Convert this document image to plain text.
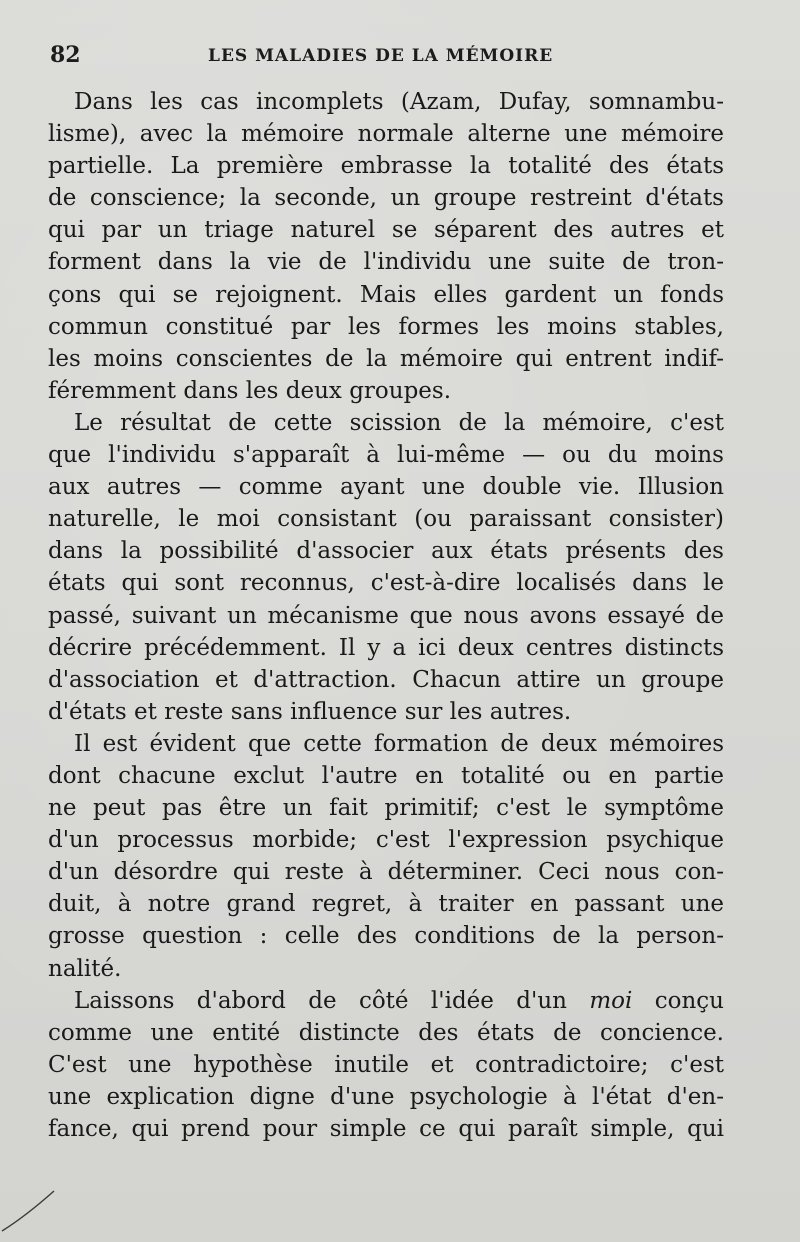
82	LES MALADIES DE LA MÉMOIRE
Dans les cas incomplets (Azam, Dufay, somnambu-
lisme), avec la mémoire normale alterne une mémoire
partielle. La première embrasse la totalité des états
de conscience; la seconde, un groupe restreint d'états
qui par un triage naturel se séparent des autres et
forment dans la vie de l'individu une suite de tron-
çons qui se rejoignent. Mais elles gardent un fonds
commun constitué par les formes les moins stables,
les moins conscientes de la mémoire qui entrent indif-
féremment dans les deux groupes.
Le résultat de cette scission de la mémoire, c'est
que l'individu s'apparaît à lui-même — ou du moins
aux autres — comme ayant une double vie. Illusion
naturelle, le moi consistant (ou paraissant consister)
dans la possibilité d'associer aux états présents des
états qui sont reconnus, c'est-à-dire localisés dans le
passé, suivant un mécanisme que nous avons essayé de
décrire précédemment. Il y a ici deux centres distincts
d'association et d'attraction. Chacun attire un groupe
d'états et reste sans influence sur les autres.
Il est évident que cette formation de deux mémoires
dont chacune exclut l'autre en totalité ou en partie
ne peut pas être un fait primitif; c'est le symptôme
d'un processus morbide; c'est l'expression psychique
d'un désordre qui reste à déterminer. Ceci nous con-
duit, à notre grand regret, à traiter en passant une
grosse question : celle des conditions de la person-
nalité.
Laissons d'abord de côté l'idée d'un moi conçu
comme une entité distincte des états de concience.
C'est une hypothèse inutile et contradictoire; c'est
une explication digne d'une psychologie à l'état d'en-
fance, qui prend pour simple ce qui paraît simple, qui
